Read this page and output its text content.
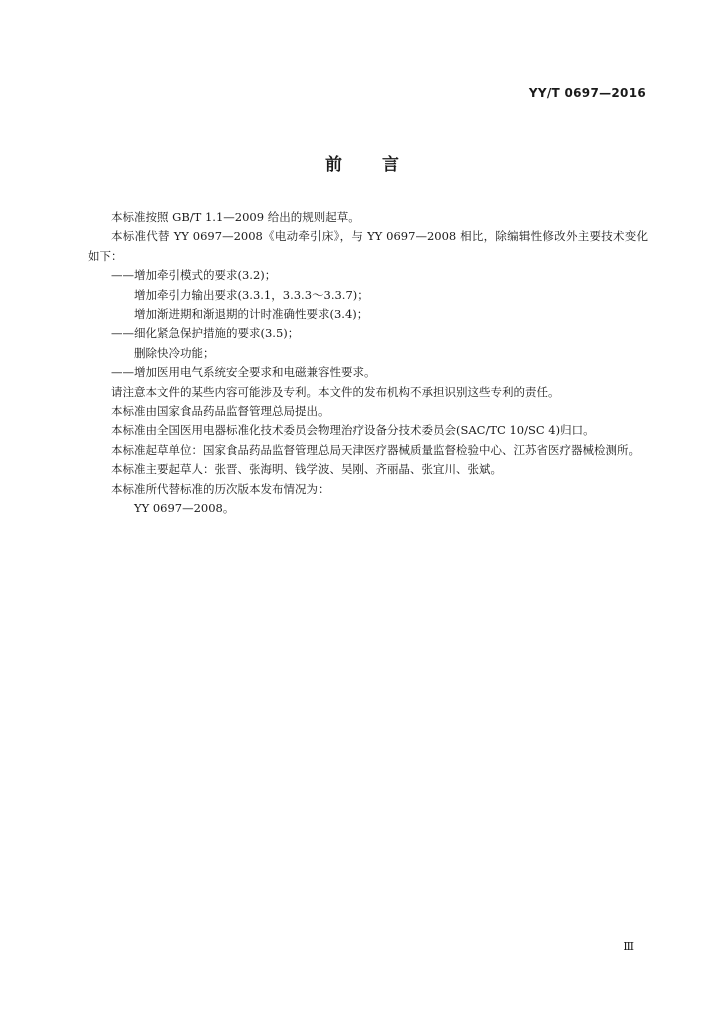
YY/T 0697—2016
前言

本标准按照 GB/T 1.1—2009 给出的规则起草。

本标准代替 YY 0697—2008《电动牵引床》，与 YY 0697—2008 相比，除编辑性修改外主要技术变化如下：

——增加牵引模式的要求(3.2)；

增加牵引力输出要求(3.3.1，3.3.3～3.3.7)；

增加渐进期和渐退期的计时准确性要求(3.4)；

——细化紧急保护措施的要求(3.5)；

删除快冷功能；

——增加医用电气系统安全要求和电磁兼容性要求。

请注意本文件的某些内容可能涉及专利。本文件的发布机构不承担识别这些专利的责任。

本标准由国家食品药品监督管理总局提出。

本标准由全国医用电器标准化技术委员会物理治疗设备分技术委员会(SAC/TC 10/SC 4)归口。

本标准起草单位：国家食品药品监督管理总局天津医疗器械质量监督检验中心、江苏省医疗器械检测所。

本标准主要起草人：张晋、张海明、钱学波、吴刚、齐丽晶、张宜川、张斌。

本标准所代替标准的历次版本发布情况为：

YY 0697—2008。

Ⅲ
